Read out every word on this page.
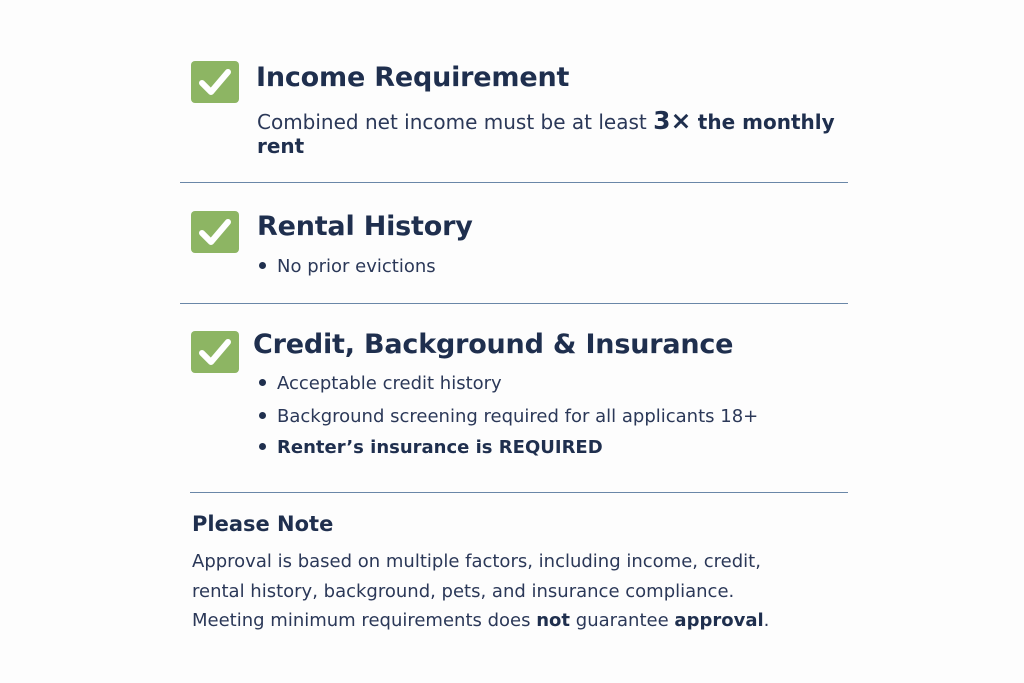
Income Requirement
Combined net income must be at least 3× the monthly
rent
Rental History
No prior evictions
Credit, Background & Insurance
Acceptable credit history
Background screening required for all applicants 18+
Renter’s insurance is REQUIRED
Please Note
Approval is based on multiple factors, including income, credit,
rental history, background, pets, and insurance compliance.
Meeting minimum requirements does not guarantee approval.
